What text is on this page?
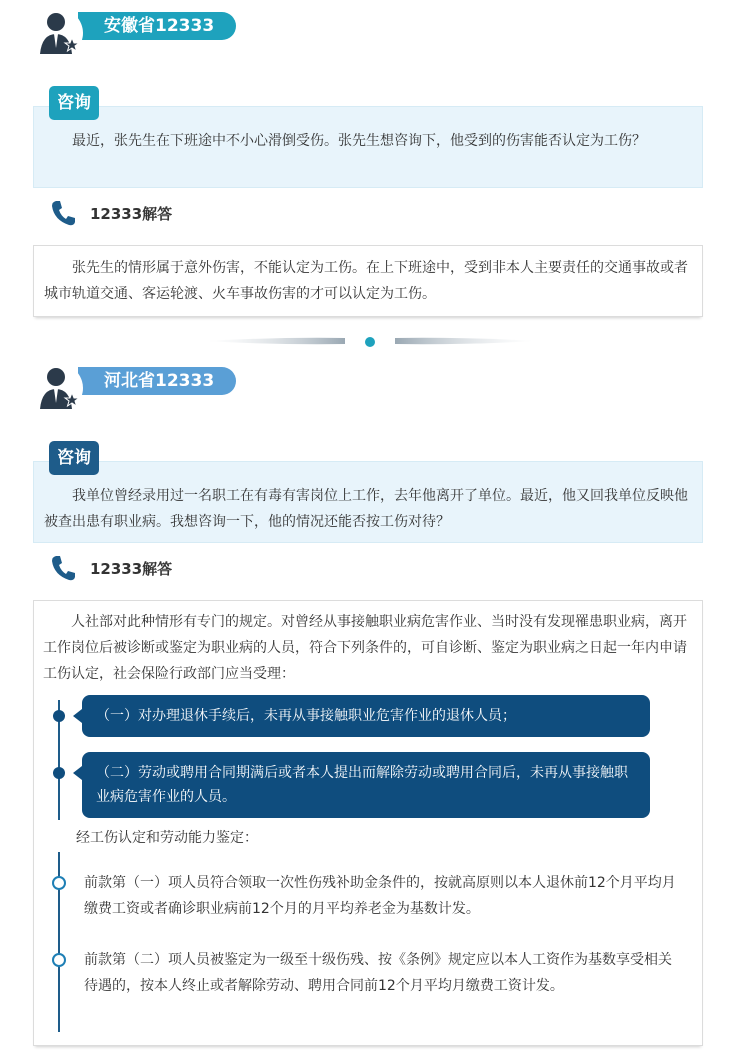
安徽省12333
最近，张先生在下班途中不小心滑倒受伤。张先生想咨询下，他受到的伤害能否认定为工伤？
咨询
12333解答
张先生的情形属于意外伤害，不能认定为工伤。在上下班途中，受到非本人主要责任的交通事故或者城市轨道交通、客运轮渡、火车事故伤害的才可以认定为工伤。
河北省12333
我单位曾经录用过一名职工在有毒有害岗位上工作，去年他离开了单位。最近，他又回我单位反映他被查出患有职业病。我想咨询一下，他的情况还能否按工伤对待？
咨询
12333解答
人社部对此种情形有专门的规定。对曾经从事接触职业病危害作业、当时没有发现罹患职业病，离开工作岗位后被诊断或鉴定为职业病的人员，符合下列条件的，可自诊断、鉴定为职业病之日起一年内申请工伤认定，社会保险行政部门应当受理：
（一）对办理退休手续后，未再从事接触职业危害作业的退休人员；
（二）劳动或聘用合同期满后或者本人提出而解除劳动或聘用合同后，未再从事接触职业病危害作业的人员。
经工伤认定和劳动能力鉴定：
前款第（一）项人员符合领取一次性伤残补助金条件的，按就高原则以本人退休前12个月平均月缴费工资或者确诊职业病前12个月的月平均养老金为基数计发。
前款第（二）项人员被鉴定为一级至十级伤残、按《条例》规定应以本人工资作为基数享受相关待遇的，按本人终止或者解除劳动、聘用合同前12个月平均月缴费工资计发。
